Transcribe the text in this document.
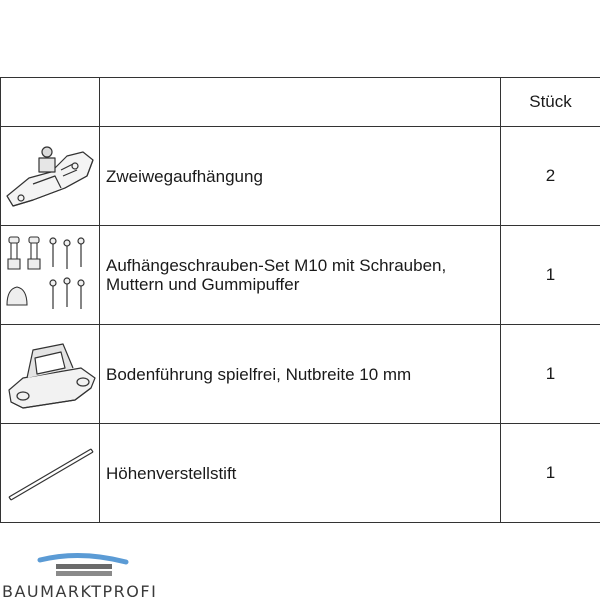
		Stück

	Zweiwegaufhängung	2

Aufhängeschrauben-Set M10 mit Schrauben,
Muttern und Gummipuffer	1

	Bodenführung spielfrei, Nutbreite 10 mm	1

	Höhenverstellstift	1
BAUMARKTPROFI
